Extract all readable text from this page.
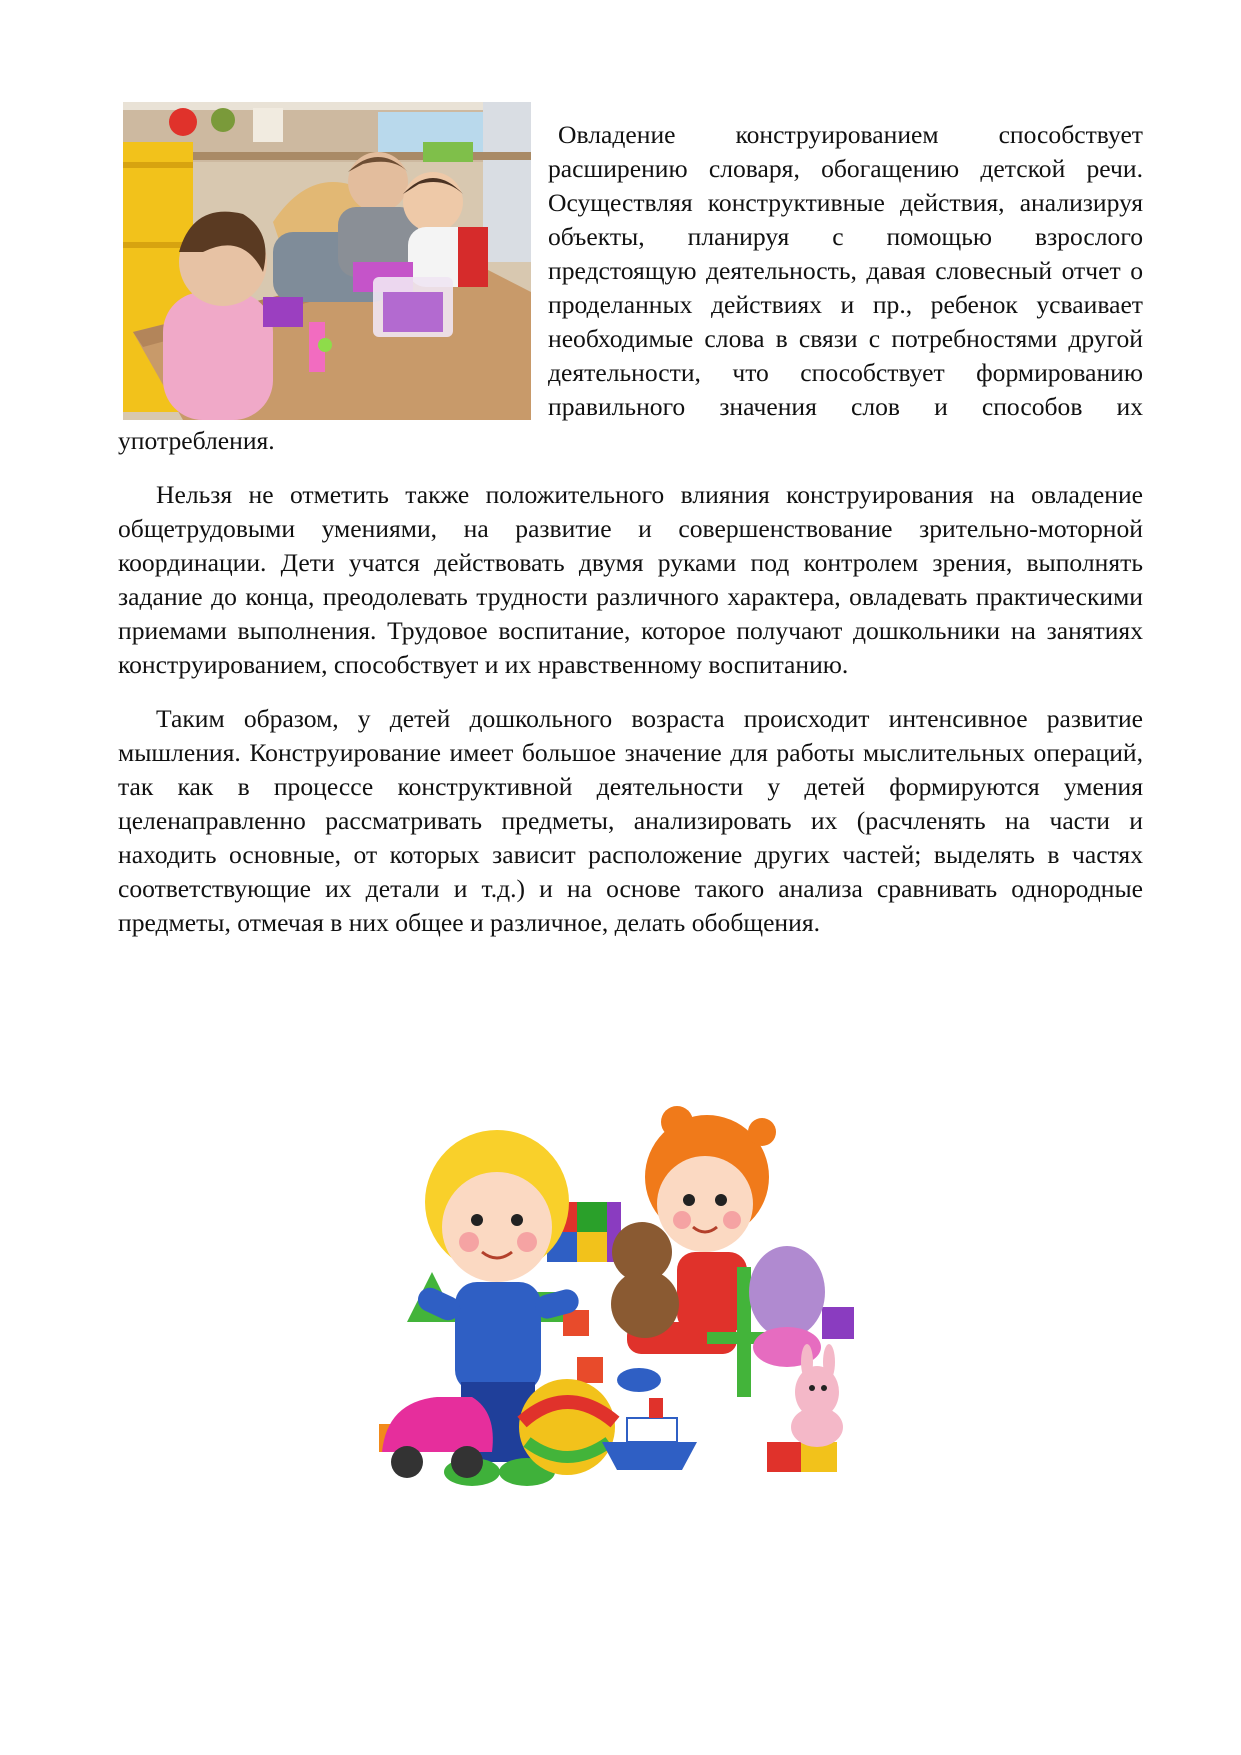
Овладение конструированием способствует расширению словаря, обогащению детской речи. Осуществляя конструктивные действия, анализируя объекты, планируя с помощью взрослого предстоящую деятельность, давая словесный отчет о проделанных действиях и пр., ребенок усваивает необходимые слова в связи с потребностями другой деятельности, что способствует формированию правильного значения слов и способов их употребления.

Нельзя не отметить также положительного влияния конструирования на овладение общетрудовыми умениями, на развитие и совершенствование зрительно-моторной координации. Дети учатся действовать двумя руками под контролем зрения, выполнять задание до конца, преодолевать трудности различного характера, овладевать практическими приемами выполнения. Трудовое воспитание, которое получают дошкольники на занятиях конструированием, способствует и их нравственному воспитанию.

Таким образом, у детей дошкольного возраста происходит интенсивное развитие мышления. Конструирование имеет большое значение для работы мыслительных операций, так как в процессе конструктивной деятельности у детей формируются умения целенаправленно рассматривать предметы, анализировать их (расчленять на части и находить основные, от которых зависит расположение других частей; выделять в частях соответствующие их детали и т.д.) и на основе такого анализа сравнивать однородные предметы, отмечая в них общее и различное, делать обобщения.
